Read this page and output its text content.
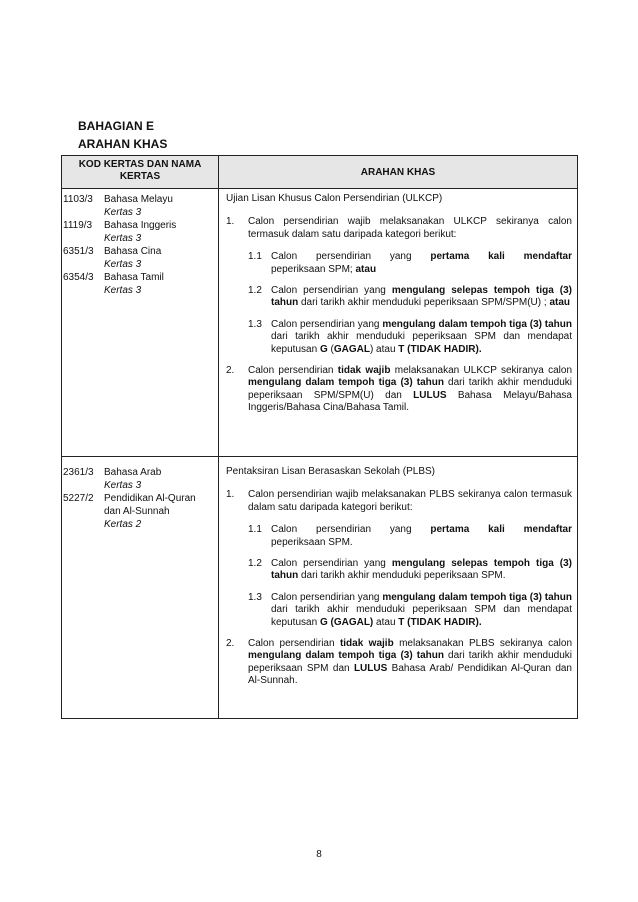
BAHAGIAN E
ARAHAN KHAS
KOD KERTAS DAN NAMA KERTAS	ARAHAN KHAS
1103/3 Bahasa Melayu
Kertas 3
1119/3 Bahasa Inggeris
Kertas 3
6351/3 Bahasa Cina
Kertas 3
6354/3 Bahasa Tamil
Kertas 3
Ujian Lisan Khusus Calon Persendirian (ULKCP)
1. Calon persendirian wajib melaksanakan ULKCP sekiranya calon termasuk dalam satu daripada kategori berikut:
1.1 Calon persendirian yang pertama kali mendaftar
peperiksaan SPM; atau
1.2 Calon persendirian yang mengulang selepas tempoh tiga (3) tahun dari tarikh akhir menduduki peperiksaan SPM/SPM(U) ; atau
1.3 Calon persendirian yang mengulang dalam tempoh tiga (3) tahun dari tarikh akhir menduduki peperiksaan SPM dan mendapat keputusan G (GAGAL) atau T (TIDAK HADIR).
2. Calon persendirian tidak wajib melaksanakan ULKCP sekiranya calon mengulang dalam tempoh tiga (3) tahun dari tarikh akhir menduduki peperiksaan SPM/SPM(U) dan LULUS Bahasa Melayu/Bahasa Inggeris/Bahasa Cina/Bahasa Tamil.
2361/3 Bahasa Arab
Kertas 3
5227/2 Pendidikan Al-Quran
dan Al-Sunnah
Kertas 2
Pentaksiran Lisan Berasaskan Sekolah (PLBS)
1. Calon persendirian wajib melaksanakan PLBS sekiranya calon termasuk dalam satu daripada kategori berikut:
1.1 Calon persendirian yang pertama kali mendaftar
peperiksaan SPM.
1.2 Calon persendirian yang mengulang selepas tempoh tiga (3) tahun dari tarikh akhir menduduki peperiksaan SPM.
1.3 Calon persendirian yang mengulang dalam tempoh tiga (3) tahun dari tarikh akhir menduduki peperiksaan SPM dan mendapat keputusan G (GAGAL) atau T (TIDAK HADIR).
2. Calon persendirian tidak wajib melaksanakan PLBS sekiranya calon mengulang dalam tempoh tiga (3) tahun dari tarikh akhir menduduki peperiksaan SPM dan LULUS Bahasa Arab/ Pendidikan Al-Quran dan Al-Sunnah.
8
